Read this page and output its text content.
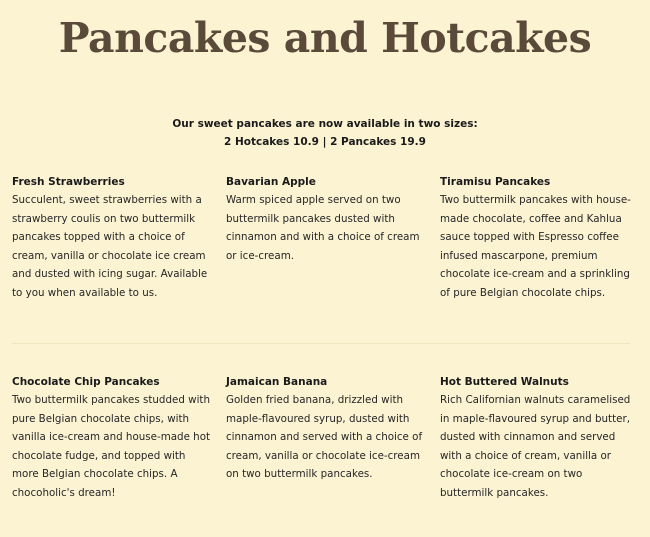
Pancakes and Hotcakes
Our sweet pancakes are now available in two sizes:
2 Hotcakes 10.9 | 2 Pancakes 19.9
Fresh Strawberries
Succulent, sweet strawberries with a strawberry coulis on two buttermilk pancakes topped with a choice of cream, vanilla or chocolate ice cream and dusted with icing sugar. Available to you when available to us.
Bavarian Apple
Warm spiced apple served on two buttermilk pancakes dusted with cinnamon and with a choice of cream or ice-cream.
Tiramisu Pancakes
Two buttermilk pancakes with house-made chocolate, coffee and Kahlua sauce topped with Espresso coffee infused mascarpone, premium chocolate ice-cream and a sprinkling of pure Belgian chocolate chips.
Chocolate Chip Pancakes
Two buttermilk pancakes studded with pure Belgian chocolate chips, with vanilla ice-cream and house-made hot chocolate fudge, and topped with more Belgian chocolate chips. A chocoholic's dream!
Jamaican Banana
Golden fried banana, drizzled with maple-flavoured syrup, dusted with cinnamon and served with a choice of cream, vanilla or chocolate ice-cream on two buttermilk pancakes.
Hot Buttered Walnuts
Rich Californian walnuts caramelised in maple-flavoured syrup and butter, dusted with cinnamon and served with a choice of cream, vanilla or chocolate ice-cream on two buttermilk pancakes.
